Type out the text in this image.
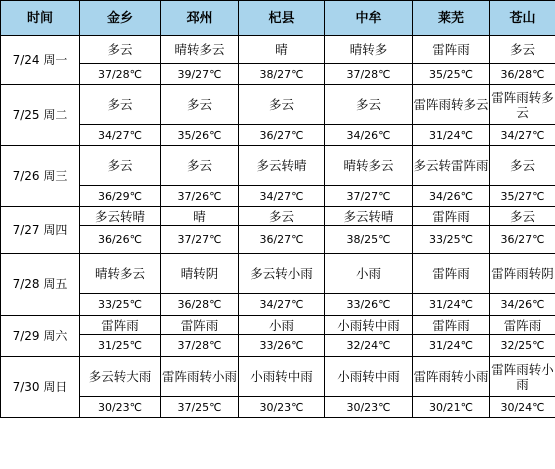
时间	金乡	邳州	杞县	中牟	莱芜	苍山
7/24 周一	多云	晴转多云	晴	晴转多	雷阵雨	多云
	37/28℃	39/27℃	38/27℃	37/28℃	35/25℃	36/28℃
7/25 周二	多云	多云	多云	多云	雷阵雨转多云	雷阵雨转多云
	34/27℃	35/26℃	36/27℃	34/26℃	31/24℃	34/27℃
7/26 周三	多云	多云	多云转晴	晴转多云	多云转雷阵雨	多云
	36/29℃	37/26℃	34/27℃	37/27℃	34/26℃	35/27℃
7/27 周四	多云转晴	晴	多云	多云转晴	雷阵雨	多云
	36/26℃	37/27℃	36/27℃	38/25℃	33/25℃	36/27℃
7/28 周五	晴转多云	晴转阴	多云转小雨	小雨	雷阵雨	雷阵雨转阴
	33/25℃	36/28℃	34/27℃	33/26℃	31/24℃	34/26℃
7/29 周六	雷阵雨	雷阵雨	小雨	小雨转中雨	雷阵雨	雷阵雨
	31/25℃	37/28℃	33/26℃	32/24℃	31/24℃	32/25℃
7/30 周日	多云转大雨	雷阵雨转小雨	小雨转中雨	小雨转中雨	雷阵雨转小雨	雷阵雨转小雨
	30/23℃	37/25℃	30/23℃	30/23℃	30/21℃	30/24℃
